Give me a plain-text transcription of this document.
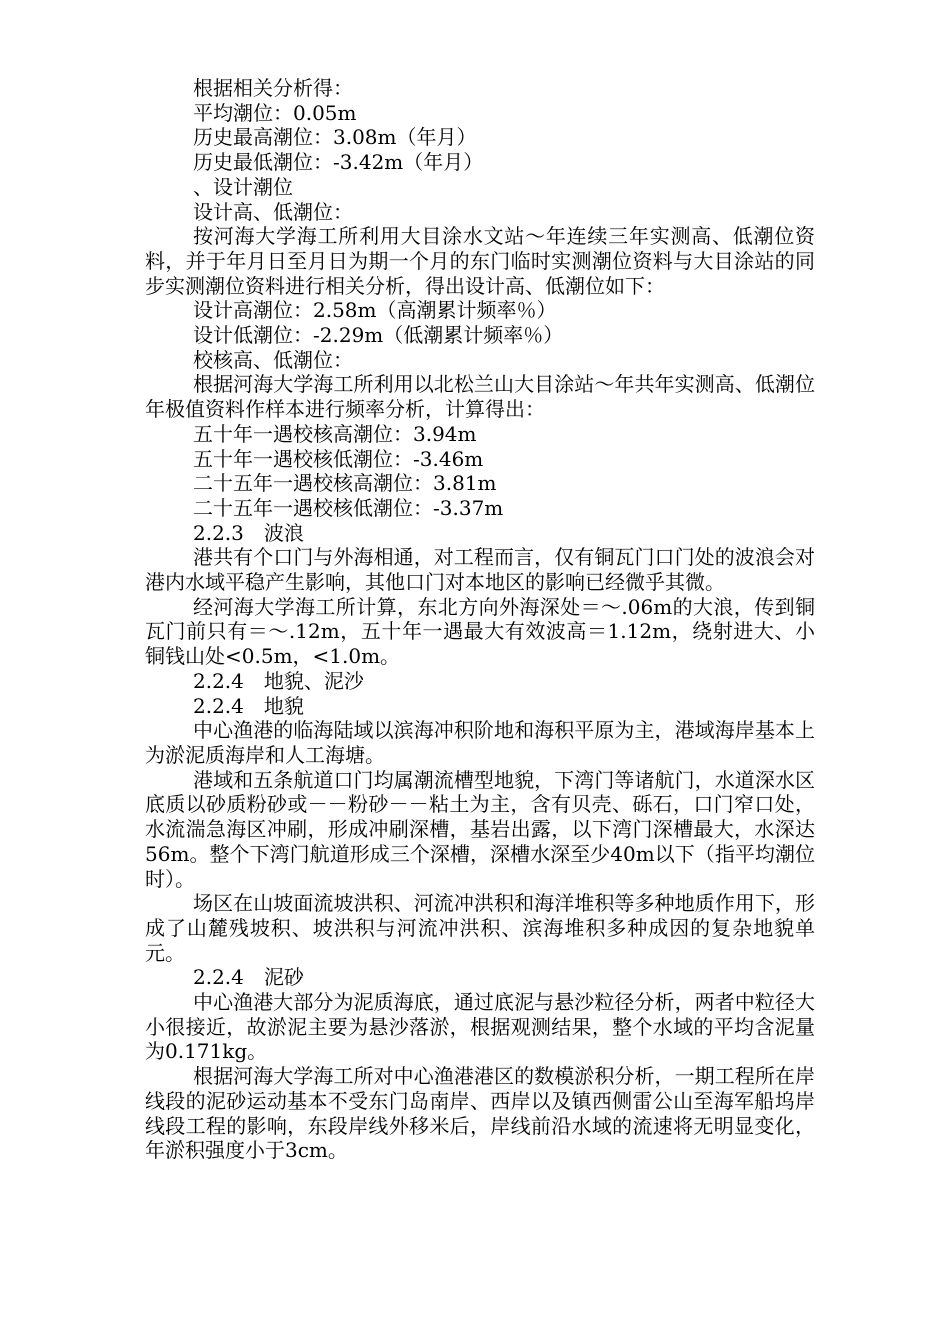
根据相关分析得：

平均潮位：0.05m

历史最高潮位：3.08m（年月）

历史最低潮位：-3.42m（年月）

、设计潮位

设计高、低潮位：

按河海大学海工所利用大目涂水文站～年连续三年实测高、低潮位资料，并于年月日至月日为期一个月的东门临时实测潮位资料与大目涂站的同步实测潮位资料进行相关分析，得出设计高、低潮位如下：

设计高潮位：2.58m（高潮累计频率％）

设计低潮位：-2.29m（低潮累计频率％）

校核高、低潮位：

根据河海大学海工所利用以北松兰山大目涂站～年共年实测高、低潮位年极值资料作样本进行频率分析，计算得出：

五十年一遇校核高潮位：3.94m

五十年一遇校核低潮位：-3.46m

二十五年一遇校核高潮位：3.81m

二十五年一遇校核低潮位：-3.37m

2.2.3　波浪

港共有个口门与外海相通，对工程而言，仅有铜瓦门口门处的波浪会对港内水域平稳产生影响，其他口门对本地区的影响已经微乎其微。

经河海大学海工所计算，东北方向外海深处＝～.06m的大浪，传到铜瓦门前只有＝～.12m，五十年一遇最大有效波高＝1.12m，绕射进大、小铜钱山处<0.5m，<1.0m。

2.2.4　地貌、泥沙

2.2.4　地貌

中心渔港的临海陆域以滨海冲积阶地和海积平原为主，港域海岸基本上为淤泥质海岸和人工海塘。

港域和五条航道口门均属潮流槽型地貌，下湾门等诸航门，水道深水区底质以砂质粉砂或－－粉砂－－粘土为主，含有贝壳、砾石，口门窄口处，水流湍急海区冲刷，形成冲刷深槽，基岩出露，以下湾门深槽最大，水深达56m。整个下湾门航道形成三个深槽，深槽水深至少40m以下（指平均潮位时）。

场区在山坡面流坡洪积、河流冲洪积和海洋堆积等多种地质作用下，形成了山麓残坡积、坡洪积与河流冲洪积、滨海堆积多种成因的复杂地貌单元。

2.2.4　泥砂

中心渔港大部分为泥质海底，通过底泥与悬沙粒径分析，两者中粒径大小很接近，故淤泥主要为悬沙落淤，根据观测结果，整个水域的平均含泥量为0.171kg。

根据河海大学海工所对中心渔港港区的数模淤积分析，一期工程所在岸线段的泥砂运动基本不受东门岛南岸、西岸以及镇西侧雷公山至海军船坞岸线段工程的影响，东段岸线外移米后，岸线前沿水域的流速将无明显变化，年淤积强度小于3cm。
